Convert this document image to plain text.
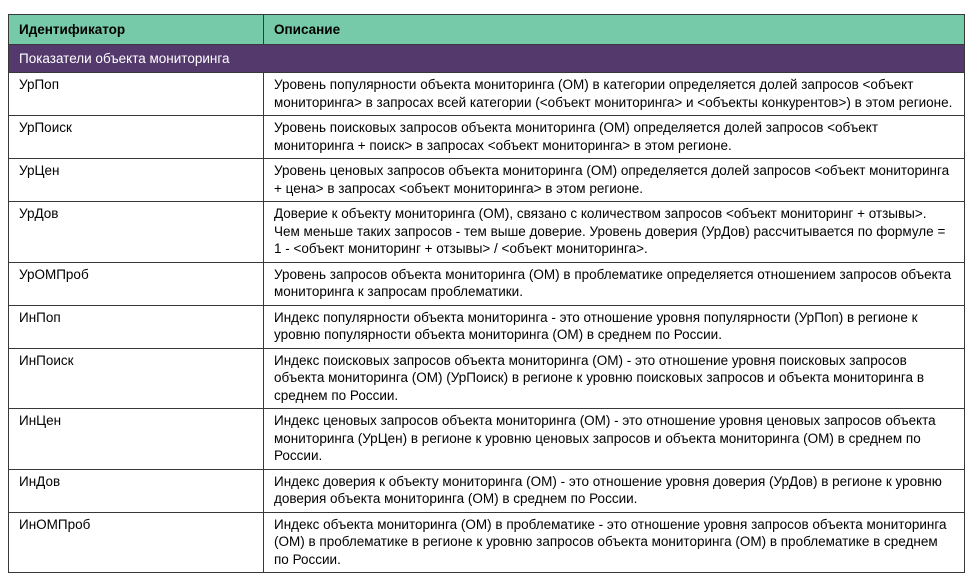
Идентификатор	Описание
Показатели объекта мониторинга	
УрПоп	Уровень популярности объекта мониторинга (ОМ) в категории определяется долей запросов <объект мониторинга> в запросах всей категории (<объект мониторинга> и <объекты конкурентов>) в этом регионе.
УрПоиск	Уровень поисковых запросов объекта мониторинга (ОМ) определяется долей запросов <объект мониторинга + поиск> в запросах <объект мониторинга> в этом регионе.
УрЦен	Уровень ценовых запросов объекта мониторинга (ОМ) определяется долей запросов <объект мониторинга + цена> в запросах <объект мониторинга> в этом регионе.
УрДов	Доверие к объекту мониторинга (ОМ), связано с количеством запросов <объект мониторинг + отзывы>. Чем меньше таких запросов - тем выше доверие. Уровень доверия (УрДов) рассчитывается по формуле = 1 - <объект мониторинг + отзывы> / <объект мониторинга>.
УрОМПроб	Уровень запросов объекта мониторинга (ОМ) в проблематике определяется отношением запросов объекта мониторинга к запросам проблематики.
ИнПоп	Индекс популярности объекта мониторинга - это отношение уровня популярности (УрПоп) в регионе к уровню популярности объекта мониторинга (ОМ) в среднем по России.
ИнПоиск	Индекс поисковых запросов объекта мониторинга (ОМ) - это отношение уровня поисковых запросов объекта мониторинга (ОМ) (УрПоиск) в регионе к уровню поисковых запросов и объекта мониторинга в среднем по России.
ИнЦен	Индекс ценовых запросов объекта мониторинга (ОМ) - это отношение уровня ценовых запросов объекта мониторинга (УрЦен) в регионе к уровню ценовых запросов и объекта мониторинга (ОМ) в среднем по России.
ИнДов	Индекс доверия к объекту мониторинга (ОМ) - это отношение уровня доверия (УрДов) в регионе к уровню доверия объекта мониторинга (ОМ) в среднем по России.
ИнОМПроб	Индекс объекта мониторинга (ОМ) в проблематике - это отношение уровня запросов объекта мониторинга (ОМ) в проблематике в регионе к уровню запросов объекта мониторинга (ОМ) в проблематике в среднем по России.
